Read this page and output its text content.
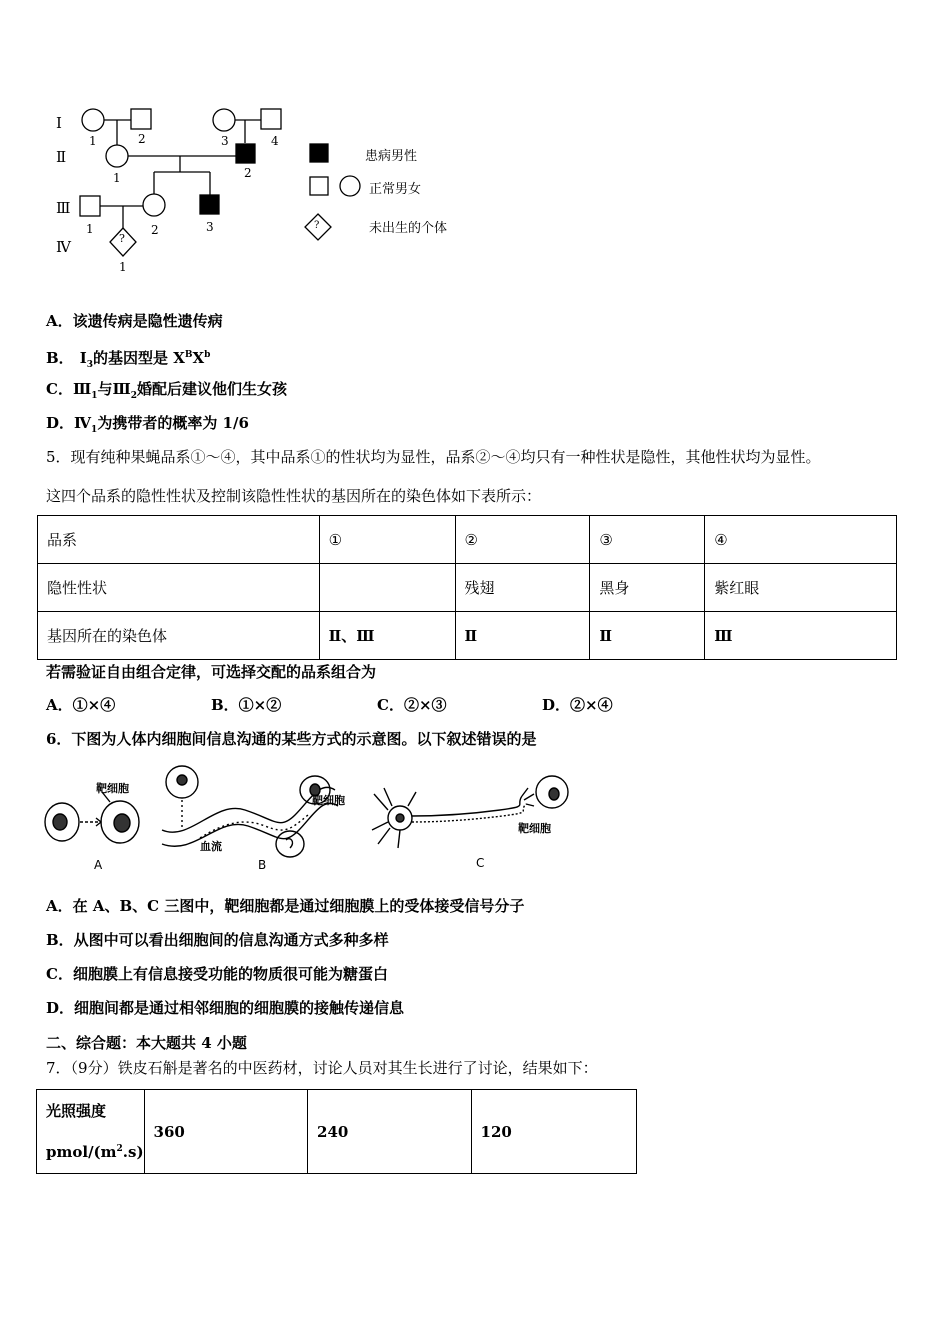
Ⅰ
Ⅱ
Ⅲ
Ⅳ
1	2	3	4
1	2
1	2	3
1
?
?
患病男性
正常男女
未出生的个体
A．该遗传病是隐性遗传病
B． $Ⅰ_3$的基因型是 $X^BX^b$
C．$Ⅲ_1$与$Ⅲ_2$婚配后建议他们生女孩
D．$Ⅳ_1$为携带者的概率为 1/6
5．现有纯种果蝇品系①～④，其中品系①的性状均为显性，品系②～④均只有一种性状是隐性，其他性状均为显性。
这四个品系的隐性性状及控制该隐性性状的基因所在的染色体如下表所示：
品系	①	②	③	④
隐性性状		残翅	黑身	紫红眼
基因所在的染色体	Ⅱ、Ⅲ	Ⅱ	Ⅱ	Ⅲ
若需验证自由组合定律，可选择交配的品系组合为
A．①×④	B．①×②	C．②×③	D．②×④
6．下图为人体内细胞间信息沟通的某些方式的示意图。以下叙述错误的是
靶细胞
靶细胞
靶细胞
血流
A	B	C
A．在 A、B、C 三图中，靶细胞都是通过细胞膜上的受体接受信号分子
B．从图中可以看出细胞间的信息沟通方式多种多样
C．细胞膜上有信息接受功能的物质很可能为糖蛋白
D．细胞间都是通过相邻细胞的细胞膜的接触传递信息
二、综合题：本大题共 4 小题
7．（9分）铁皮石斛是著名的中医药材，讨论人员对其生长进行了讨论，结果如下：
光照强度
pmol/$(m^2.s)$	360	240	120
